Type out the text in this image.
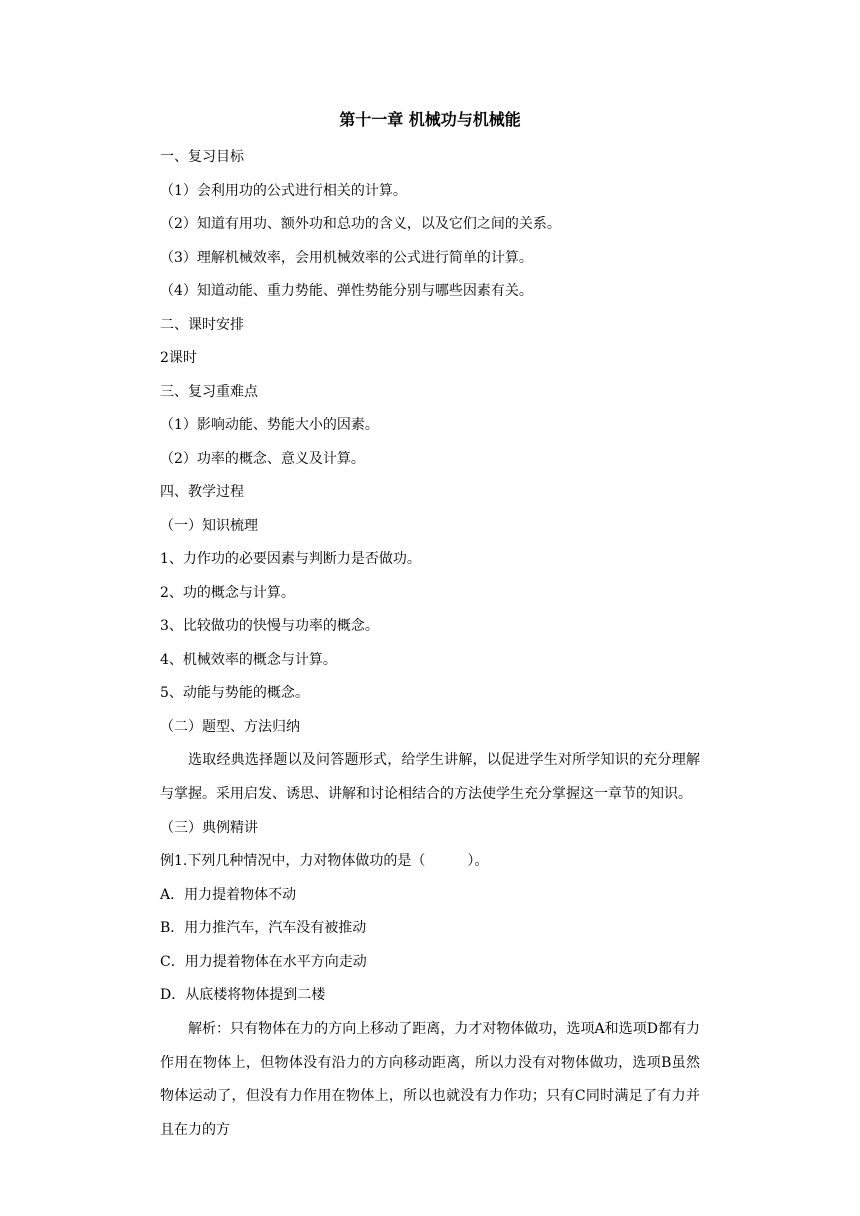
第十一章 机械功与机械能
一、复习目标
（1）会利用功的公式进行相关的计算。
（2）知道有用功、额外功和总功的含义，以及它们之间的关系。
（3）理解机械效率，会用机械效率的公式进行简单的计算。
（4）知道动能、重力势能、弹性势能分别与哪些因素有关。
二、课时安排
2课时
三、复习重难点
（1）影响动能、势能大小的因素。
（2）功率的概念、意义及计算。
四、教学过程
（一）知识梳理
1、力作功的必要因素与判断力是否做功。
2、功的概念与计算。
3、比较做功的快慢与功率的概念。
4、机械效率的概念与计算。
5、动能与势能的概念。
（二）题型、方法归纳
选取经典选择题以及问答题形式，给学生讲解，以促进学生对所学知识的充分理解与掌握。采用启发、诱思、讲解和讨论相结合的方法使学生充分掌握这一章节的知识。
（三）典例精讲
例1.下列几种情况中，力对物体做功的是（　　　）。
A．用力提着物体不动
B．用力推汽车，汽车没有被推动
C．用力提着物体在水平方向走动
D．从底楼将物体提到二楼
解析：只有物体在力的方向上移动了距离，力才对物体做功，选项A和选项D都有力作用在物体上，但物体没有沿力的方向移动距离，所以力没有对物体做功，选项B虽然物体运动了，但没有力作用在物体上，所以也就没有力作功；只有C同时满足了有力并且在力的方
